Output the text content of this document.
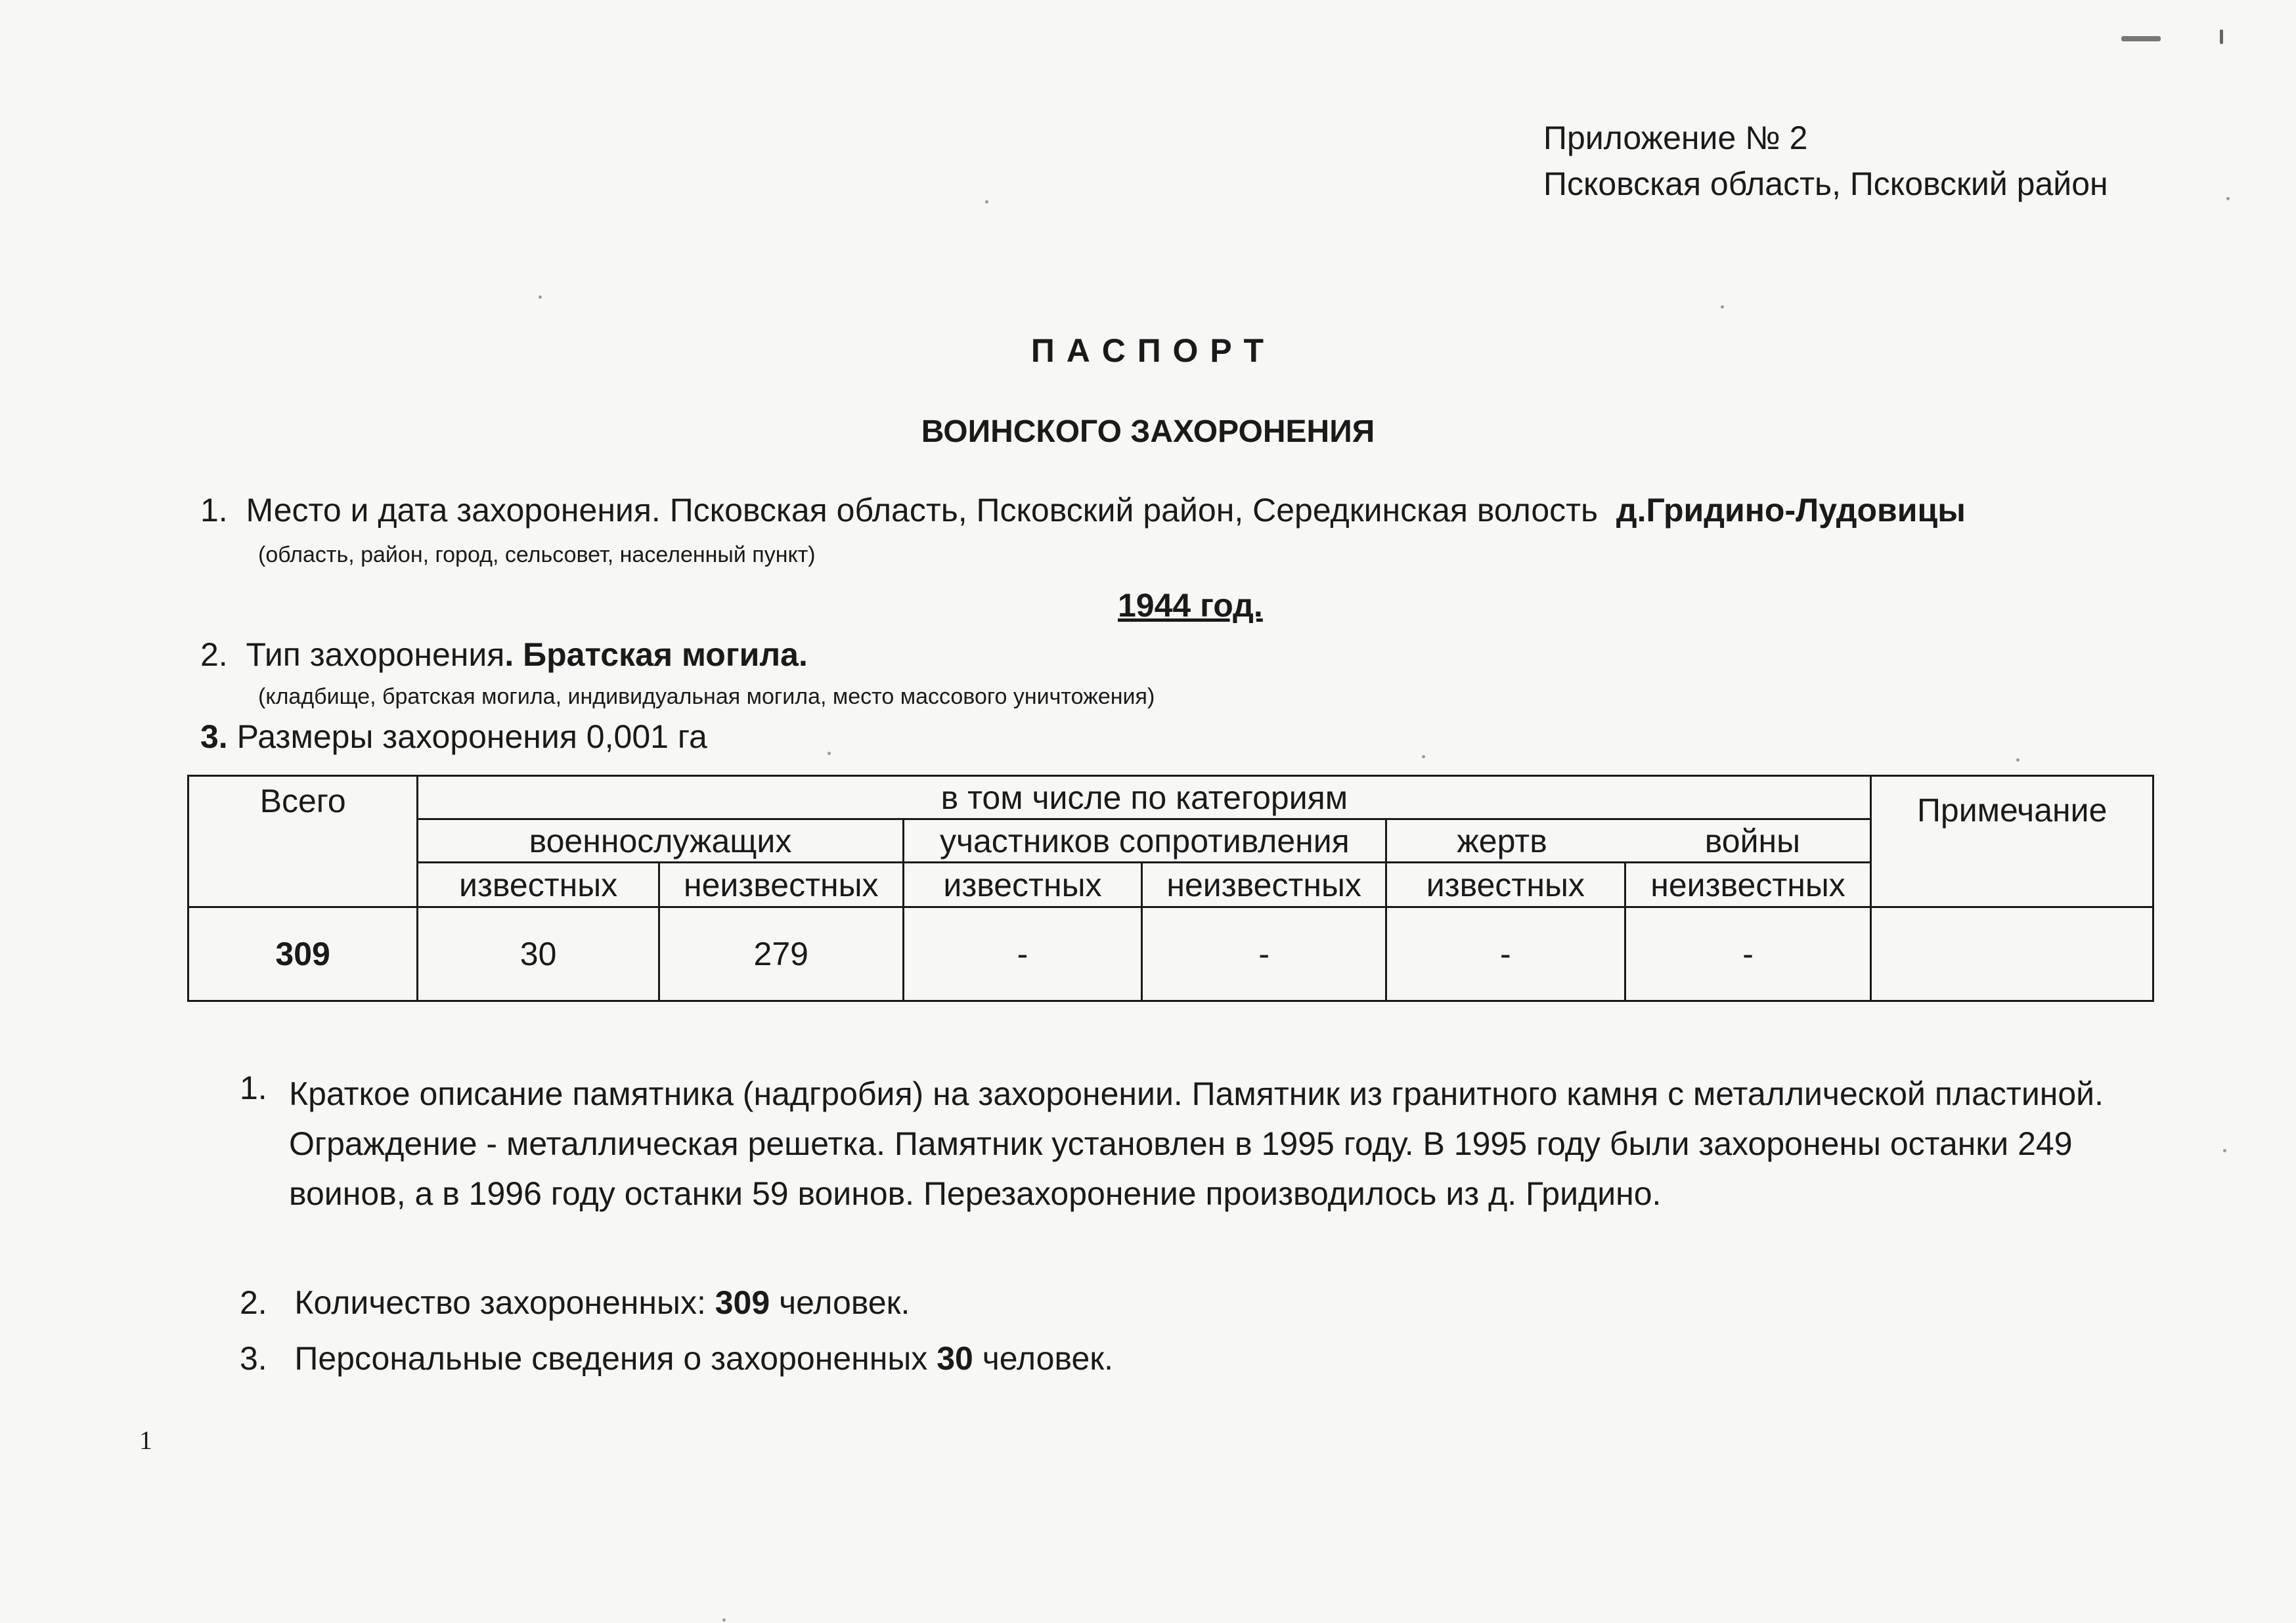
Приложение № 2
Псковская область, Псковский район
П А С П О Р Т
ВОИНСКОГО ЗАХОРОНЕНИЯ
1. Место и дата захоронения. Псковская область, Псковский район, Середкинская волость д.Гридино-Лудовицы
(область, район, город, сельсовет, населенный пункт)
1944 год.
2. Тип захоронения. Братская могила.
(кладбище, братская могила, индивидуальная могила, место массового уничтожения)
3. Размеры захоронения 0,001 га
Всего	в том числе по категориям						Примечание
	военнослужащих		участников сопротивления		жертв войны		
	известных	неизвестных	известных	неизвестных	известных	неизвестных	
309	30	279	-	-	-	-	
1. Краткое описание памятника (надгробия) на захоронении. Памятник из гранитного камня с металлической пластиной. Ограждение - металлическая решетка. Памятник установлен в 1995 году. В 1995 году были захоронены останки 249 воинов, а в 1996 году останки 59 воинов. Перезахоронение производилось из д. Гридино.
2. Количество захороненных: 309 человек.
3. Персональные сведения о захороненных 30 человек.
1
